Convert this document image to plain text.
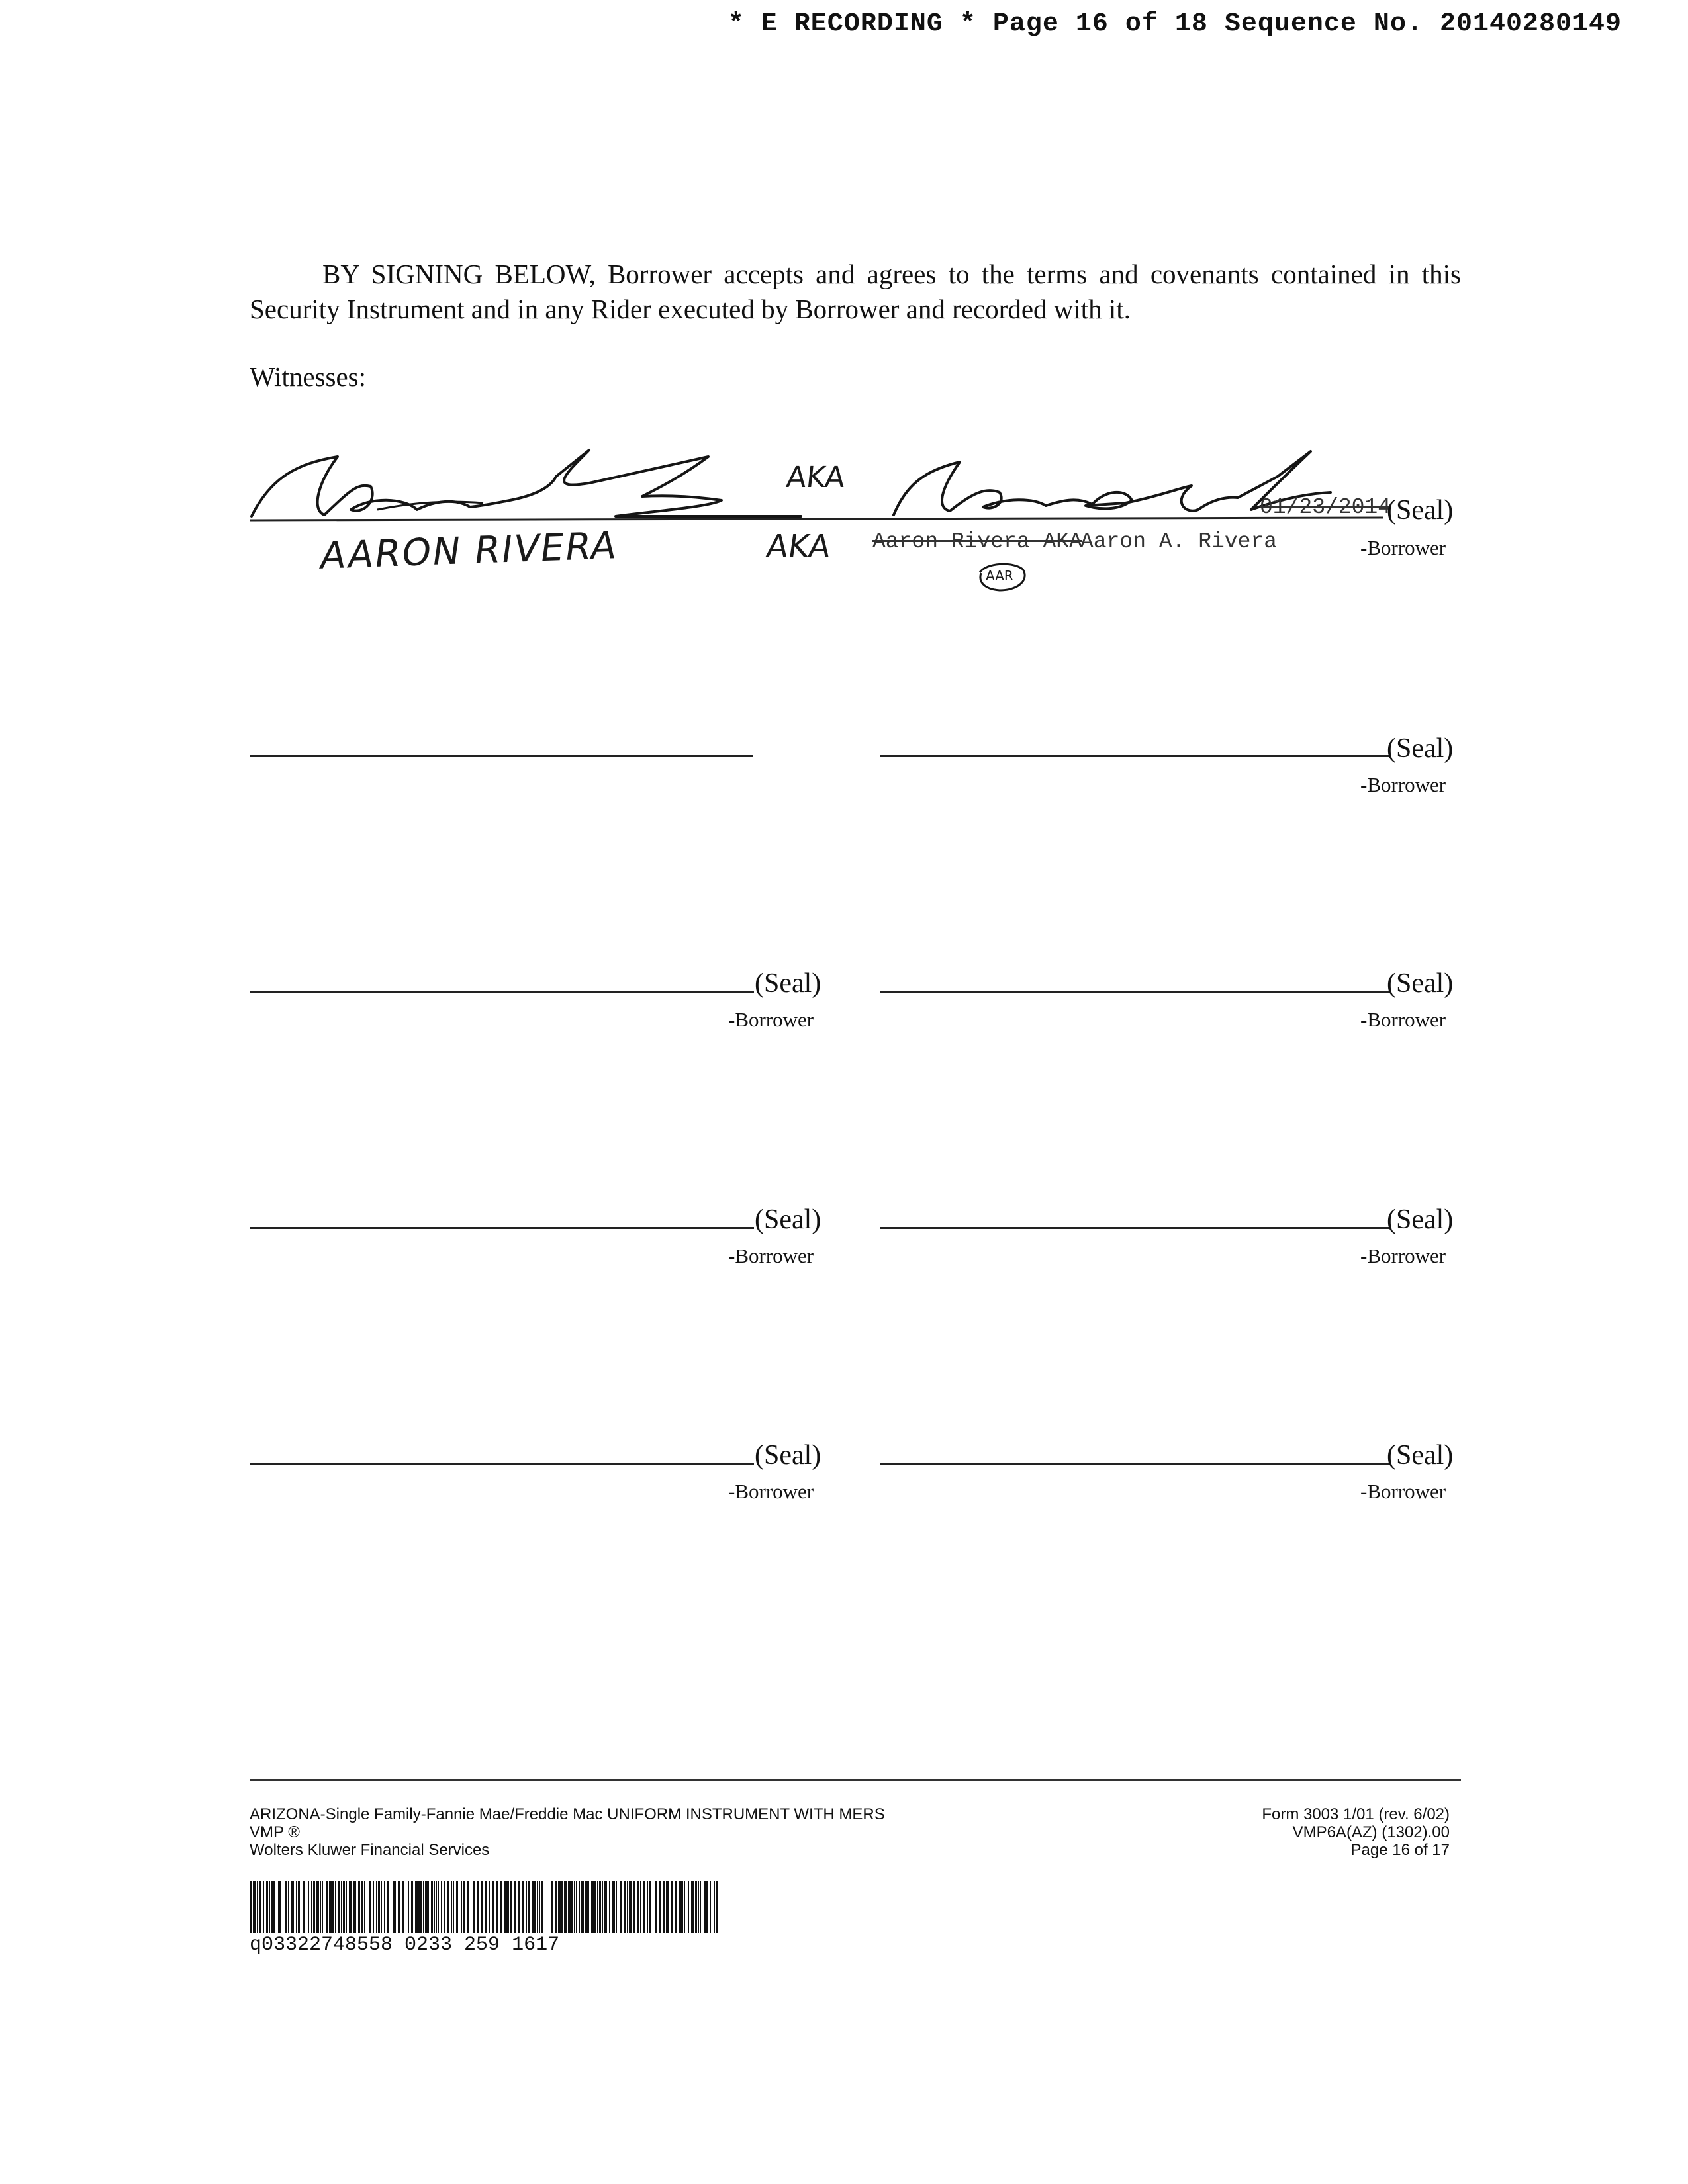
* E RECORDING * Page 16 of 18 Sequence No. 20140280149
BY SIGNING BELOW, Borrower accepts and agrees to the terms and covenants contained in this Security Instrument and in any Rider executed by Borrower and recorded with it.
Witnesses:
AKA
AARON RIVERA	AKA
AAR
Aaron Rivera AKA
Aaron A. Rivera
01/23/2014
(Seal)
-Borrower
(Seal)
-Borrower
(Seal)
-Borrower
(Seal)
-Borrower
(Seal)
-Borrower
(Seal)
-Borrower
(Seal)
-Borrower
(Seal)
-Borrower
ARIZONA-Single Family-Fannie Mae/Freddie Mac UNIFORM INSTRUMENT WITH MERS
VMP ®
Wolters Kluwer Financial Services
Form 3003 1/01 (rev. 6/02)
VMP6A(AZ) (1302).00
Page 16 of 17
q03322748558 0233 259 1617
